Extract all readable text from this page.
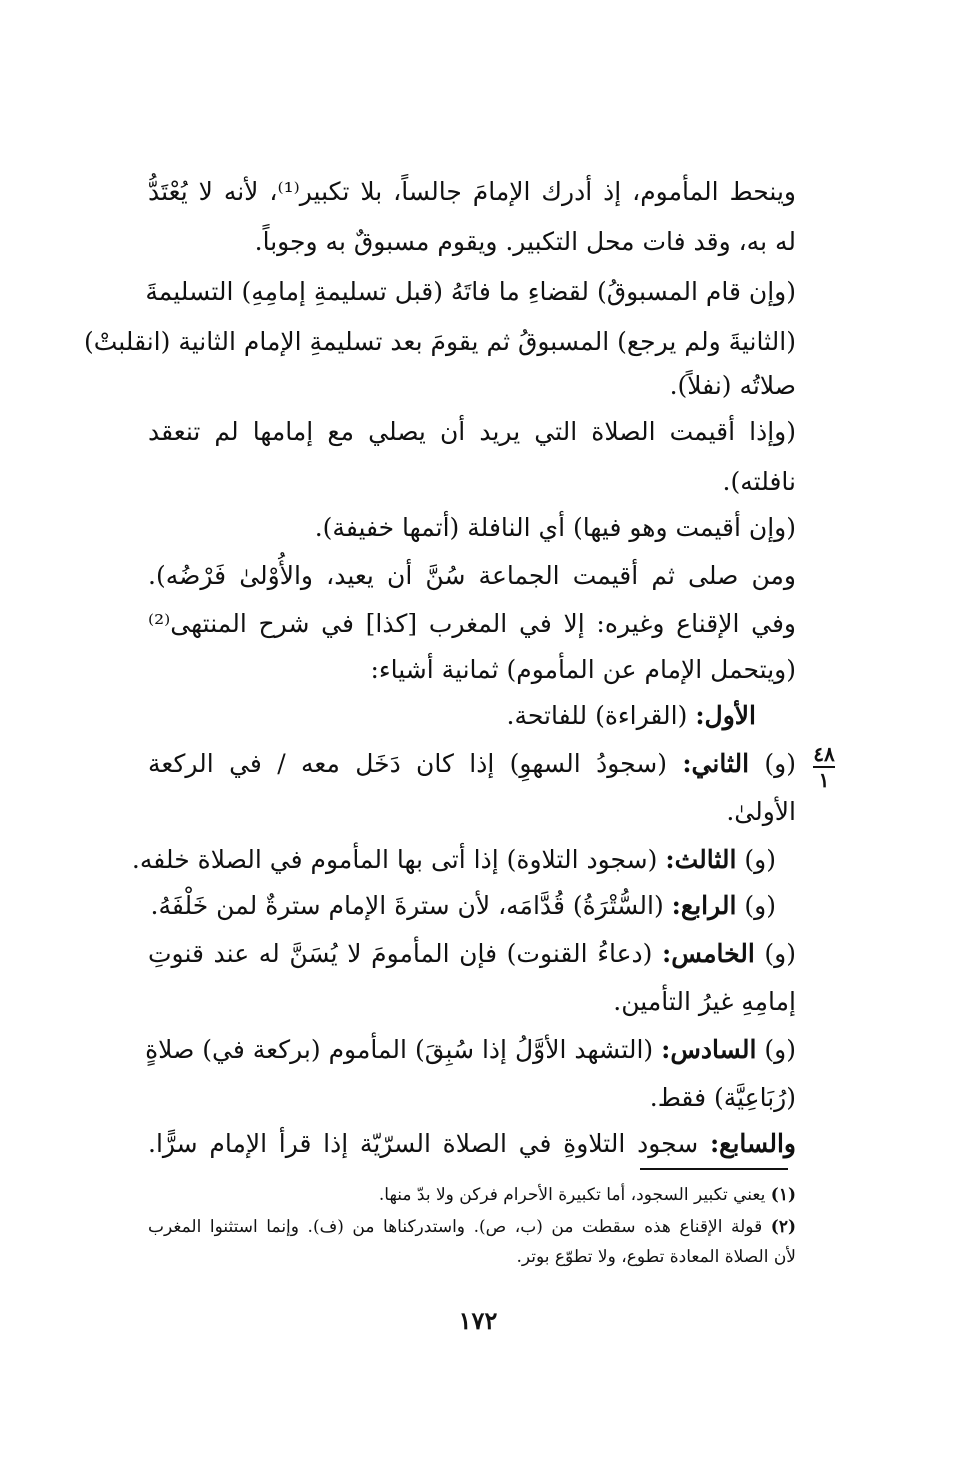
وينحط المأموم، إذ أدرك الإمامَ جالساً، بلا تكبير⁽¹⁾، لأنه لا يُعْتَدُّ
له به، وقد فات محل التكبير. ويقوم مسبوقٌ به وجوباً.
(وإن قام المسبوقُ) لقضاءِ ما فاتَهُ (قبل تسليمةِ إمامِهِ) التسليمةَ
(الثانيةَ ولم يرجع) المسبوقُ ثم يقومَ بعد تسليمةِ الإمام الثانية (انقلبتْ)
صلاتُه (نفلاً).
(وإذا أقيمت الصلاة التي يريد أن يصلي مع إمامها لم تنعقد
نافلته).
(وإن أقيمت وهو فيها) أي النافلة (أتمها خفيفة).
ومن صلى ثم أقيمت الجماعة سُنَّ أن يعيد، والأُوْلىٰ فَرْضُه).
وفي الإقناع وغيره: إلا في المغرب [كذا] في شرح المنتهى⁽²⁾
(ويتحمل الإمام عن المأموم) ثمانية أشياء:
الأول: (القراءة) للفاتحة.
(و) الثاني: (سجودُ السهوِ) إذا كان دَخَل معه / في الركعة
الأولىٰ.
(و) الثالث: (سجود التلاوة) إذا أتى بها المأموم في الصلاة خلفه.
(و) الرابع: (السُّتْرَةُ) قُدَّامَه، لأن سترةَ الإمام سترةٌ لمن خَلْفَهُ.
(و) الخامس: (دعاءُ القنوت) فإن المأمومَ لا يُسَنَّ له عند قنوتِ
إمامِهِ غيرُ التأمين.
(و) السادس: (التشهد الأوَّلُ إذا سُبِقَ) المأموم (بركعة في) صلاةٍ
(رُبَاعِيَّة) فقط.
والسابع: سجود التلاوةِ في الصلاة السرّيّة إذا قرأ الإمام سرًّا.
٤٨
١
(١) يعني تكبير السجود، أما تكبيرة الأحرام فركن ولا بدّ منها.
(٢) قولة الإقناع هذه سقطت من (ب، ص). واستدركناها من (ف). وإنما استثنوا المغرب
لأن الصلاة المعادة تطوع، ولا تطوّع بوتر.
١٧٢
